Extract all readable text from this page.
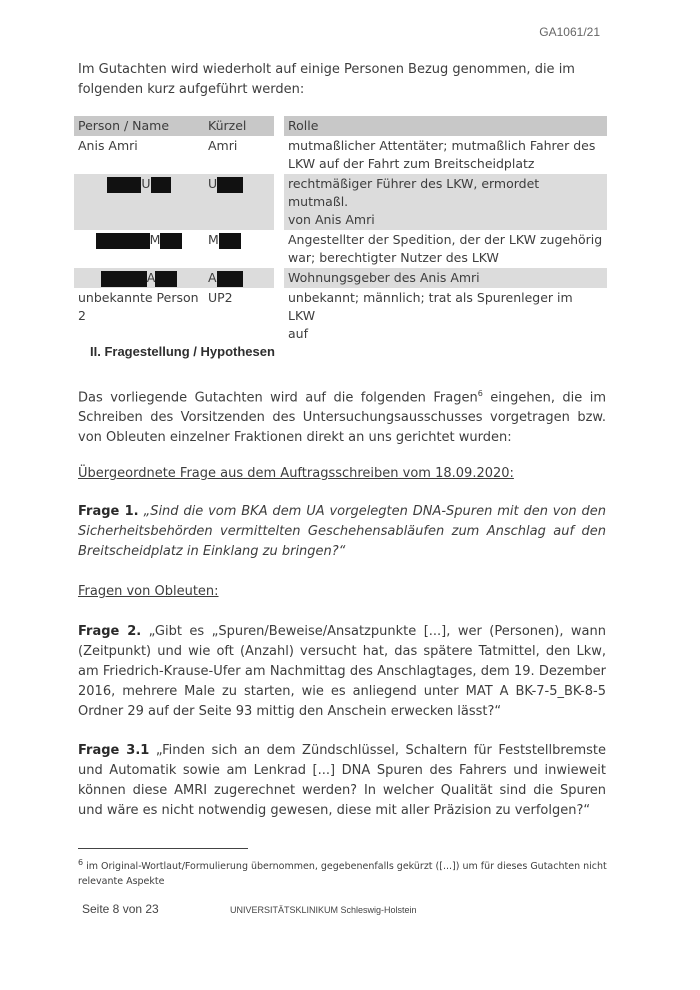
GA1061/21
Im Gutachten wird wiederholt auf einige Personen Bezug genommen, die im folgenden kurz aufgeführt werden:
Person / Name	Kürzel		Rolle
Anis Amri	Amri		mutmaßlicher Attentäter; mutmaßlich Fahrer des
LKW auf der Fahrt zum Breitscheidplatz

U	U		rechtmäßiger Führer des LKW, ermordet mutmaßl.
von Anis Amri

M	M		Angestellter der Spedition, der der LKW zugehörig
war; berechtigter Nutzer des LKW

A	A		Wohnungsgeber des Anis Amri

unbekannte Person 2	UP2		unbekannt; männlich; trat als Spurenleger im LKW
auf
II. Fragestellung / Hypothesen
Das vorliegende Gutachten wird auf die folgenden Fragen$^6$ eingehen, die im Schreiben des Vorsitzenden des Untersuchungsausschusses vorgetragen bzw. von Obleuten einzelner Fraktionen direkt an uns gerichtet wurden:
Übergeordnete Frage aus dem Auftragsschreiben vom 18.09.2020:
Frage 1. „Sind die vom BKA dem UA vorgelegten DNA-Spuren mit den von den Sicherheitsbehörden vermittelten Geschehensabläufen zum Anschlag auf den Breitscheidplatz in Einklang zu bringen?“
Fragen von Obleuten:
Frage 2. „Gibt es „Spuren/Beweise/Ansatzpunkte [...], wer (Personen), wann (Zeitpunkt) und wie oft (Anzahl) versucht hat, das spätere Tatmittel, den Lkw, am Friedrich-Krause-Ufer am Nachmittag des Anschlagtages, dem 19. Dezember 2016, mehrere Male zu starten, wie es anliegend unter MAT A BK-7-5_BK-8-5 Ordner 29 auf der Seite 93 mittig den Anschein erwecken lässt?“
Frage 3.1 „Finden sich an dem Zündschlüssel, Schaltern für Feststellbremste und Automatik sowie am Lenkrad [...] DNA Spuren des Fahrers und inwieweit können diese AMRI zugerechnet werden? In welcher Qualität sind die Spuren und wäre es nicht notwendig gewesen, diese mit aller Präzision zu verfolgen?“
$^6$ im Original-Wortlaut/Formulierung übernommen, gegebenenfalls gekürzt ([...]) um für dieses Gutachten nicht relevante Aspekte
Seite 8 von 23	UNIVERSITÄTSKLINIKUM Schleswig-Holstein
